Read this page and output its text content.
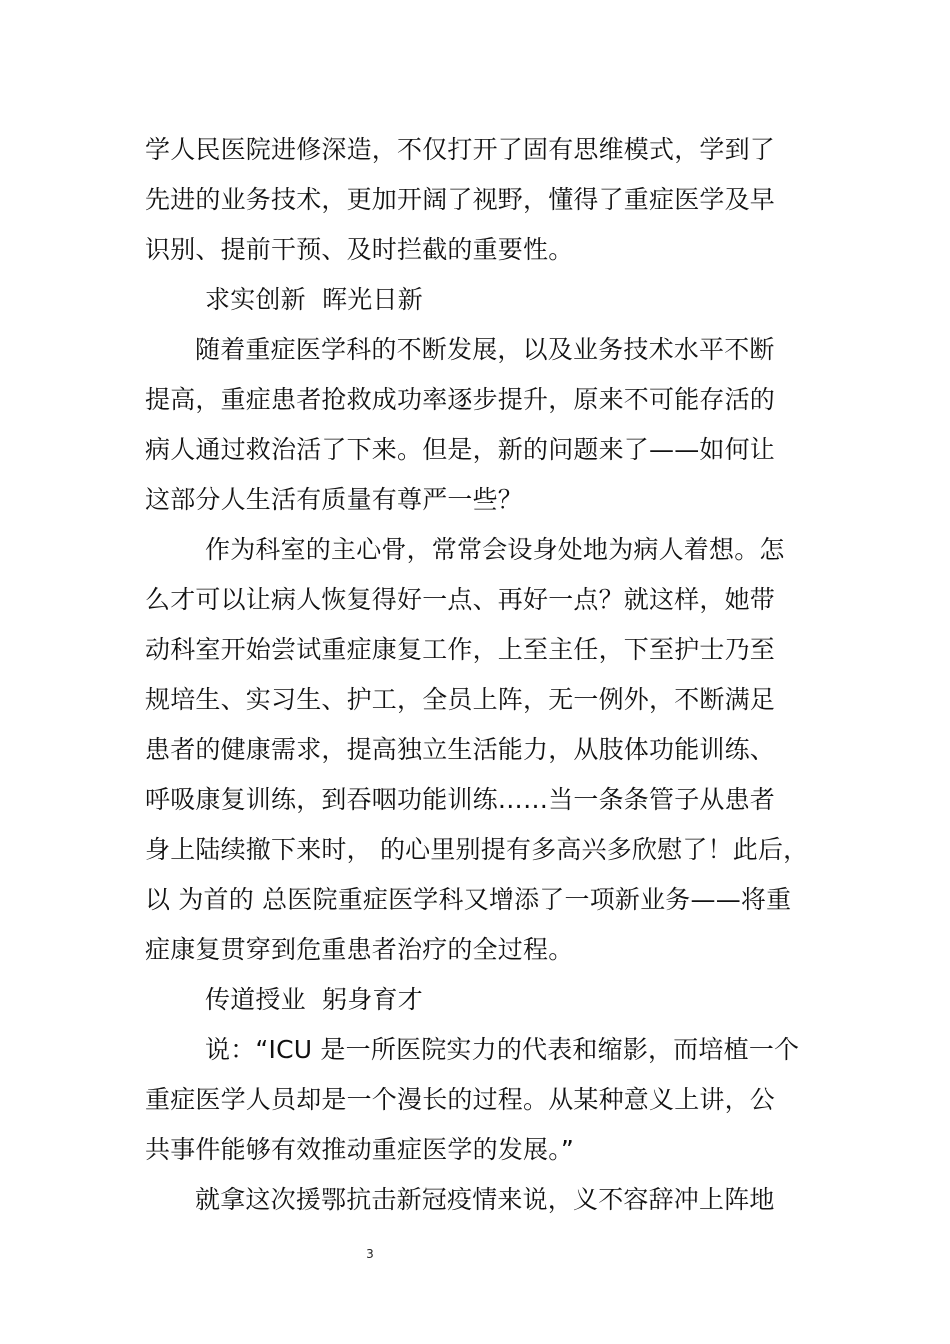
学人民医院进修深造，不仅打开了固有思维模式，学到了
先进的业务技术，更加开阔了视野，懂得了重症医学及早
识别、提前干预、及时拦截的重要性。
求实创新  晖光日新
随着重症医学科的不断发展，以及业务技术水平不断
提高，重症患者抢救成功率逐步提升，原来不可能存活的
病人通过救治活了下来。但是，新的问题来了——如何让
这部分人生活有质量有尊严一些？
作为科室的主心骨，常常会设身处地为病人着想。怎
么才可以让病人恢复得好一点、再好一点？就这样，她带
动科室开始尝试重症康复工作，上至主任，下至护士乃至
规培生、实习生、护工，全员上阵，无一例外，不断满足
患者的健康需求，提高独立生活能力，从肢体功能训练、
呼吸康复训练，到吞咽功能训练……当一条条管子从患者
身上陆续撤下来时， 的心里别提有多高兴多欣慰了！此后，
以 为首的 总医院重症医学科又增添了一项新业务——将重
症康复贯穿到危重患者治疗的全过程。
传道授业  躬身育才
说：“ICU 是一所医院实力的代表和缩影，而培植一个
重症医学人员却是一个漫长的过程。从某种意义上讲，公
共事件能够有效推动重症医学的发展。”
就拿这次援鄂抗击新冠疫情来说，义不容辞冲上阵地
3
